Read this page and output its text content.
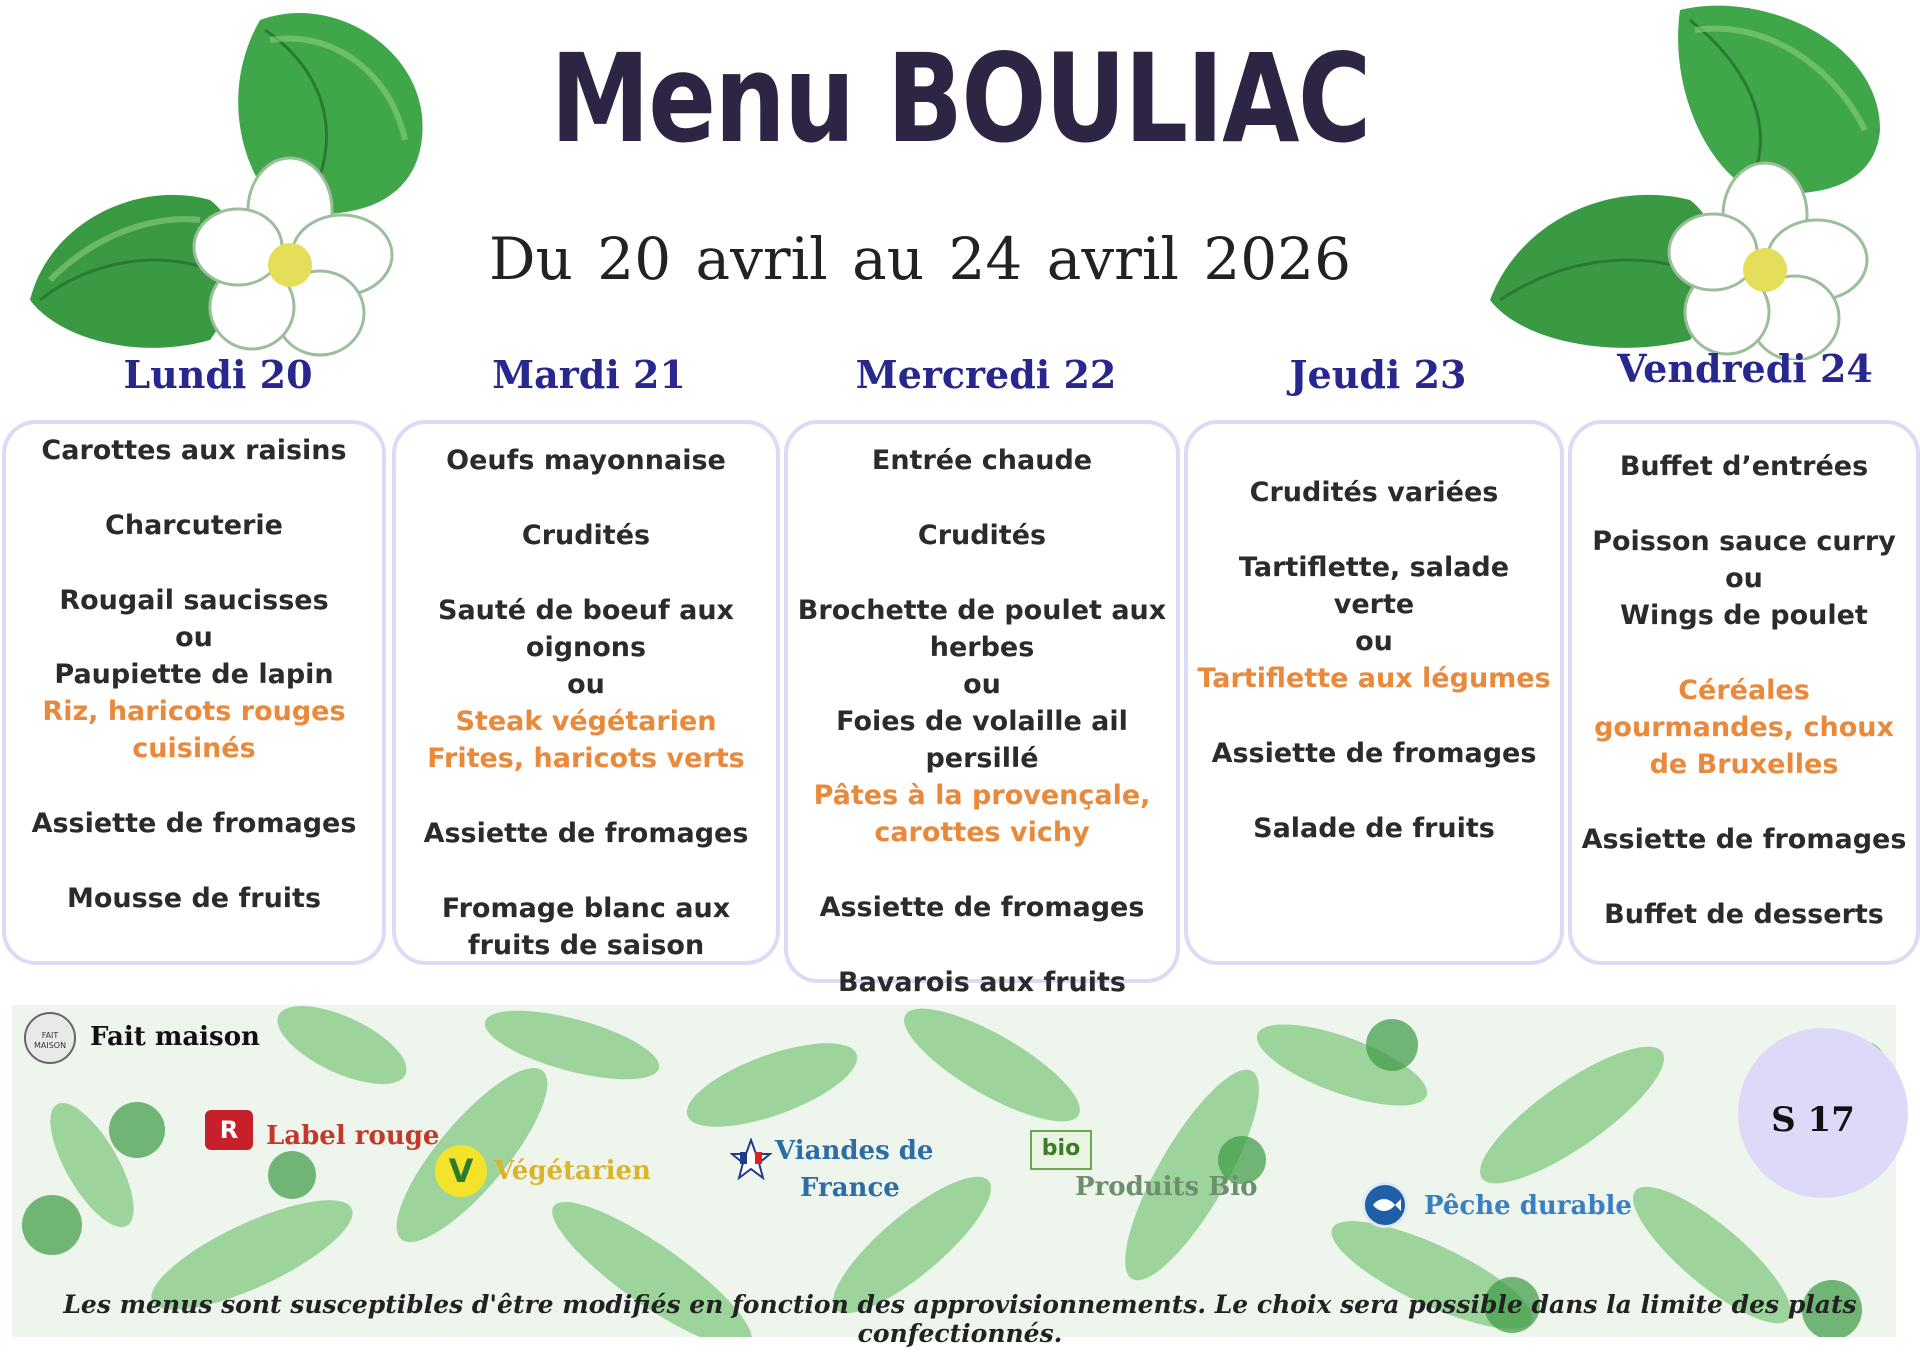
Menu BOULIAC
Du 20 avril au 24 avril 2026
Lundi 20
Carottes aux raisins
Charcuterie
Rougail saucisses
ou
Paupiette de lapin
Riz, haricots rouges cuisinés
Assiette de fromages
Mousse de fruits
Mardi 21
Oeufs mayonnaise
Crudités
Sauté de boeuf aux oignons
ou
Steak végétarien
Frites, haricots verts
Assiette de fromages
Fromage blanc aux fruits de saison
Mercredi 22
Entrée chaude
Crudités
Brochette de poulet aux herbes
ou
Foies de volaille ail persillé
Pâtes à la provençale, carottes vichy
Assiette de fromages
Bavarois aux fruits
Jeudi 23
Crudités variées
Tartiflette, salade verte
ou
Tartiflette aux légumes
Assiette de fromages
Salade de fruits
Vendredi 24
Buffet d’entrées
Poisson sauce curry
ou
Wings de poulet
Céréales gourmandes, choux de Bruxelles
Assiette de fromages
Buffet de desserts
FAIT MAISON Fait maison
R	Label rouge
V Végétarien
Viandes de
France
bio
Produits Bio
Pêche durable
S 17
Les menus sont susceptibles d'être modifiés en fonction des approvisionnements. Le choix sera possible dans la limite des plats confectionnés.
